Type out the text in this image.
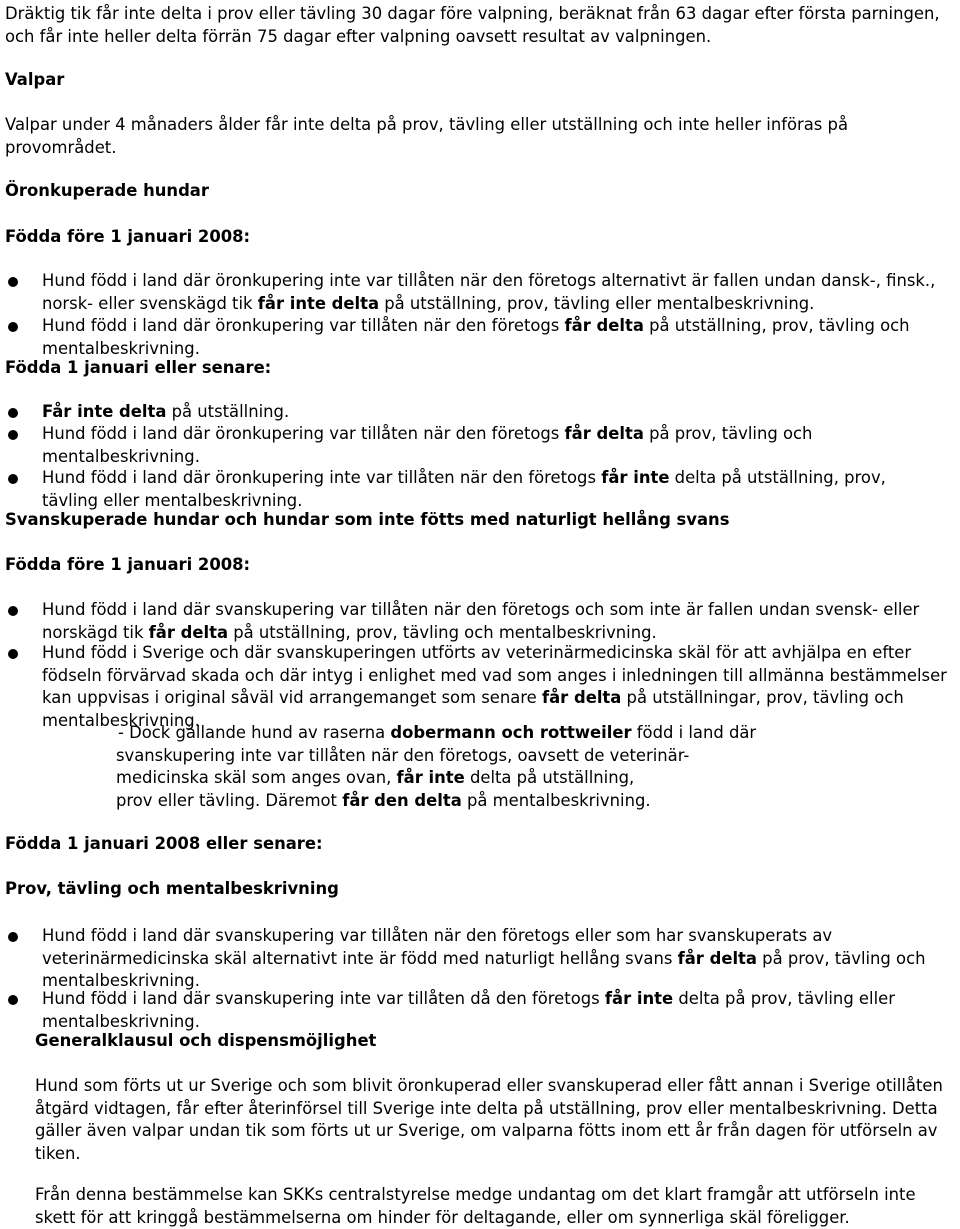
Dräktig tik får inte delta i prov eller tävling 30 dagar före valpning, beräknat från 63 dagar efter första parningen, och får inte heller delta förrän 75 dagar efter valpning oavsett resultat av valpningen.

Valpar

Valpar under 4 månaders ålder får inte delta på prov, tävling eller utställning och inte heller införas på provområdet.

Öronkuperade hundar

Födda före 1 januari 2008:

Hund född i land där öronkupering inte var tillåten när den företogs alternativt är fallen undan dansk-, finsk., norsk- eller svenskägd tik får inte delta på utställning, prov, tävling eller mentalbeskrivning.

Hund född i land där öronkupering var tillåten när den företogs får delta på utställning, prov, tävling och mentalbeskrivning.

Födda 1 januari eller senare:

Får inte delta på utställning.

Hund född i land där öronkupering var tillåten när den företogs får delta på prov, tävling och mentalbeskrivning.

Hund född i land där öronkupering inte var tillåten när den företogs får inte delta på utställning, prov, tävling eller mentalbeskrivning.

Svanskuperade hundar och hundar som inte fötts med naturligt hellång svans

Födda före 1 januari 2008:

Hund född i land där svanskupering var tillåten när den företogs och som inte är fallen undan svensk- eller norskägd tik får delta på utställning, prov, tävling och mentalbeskrivning.

Hund född i Sverige och där svanskuperingen utförts av veterinärmedicinska skäl för att avhjälpa en efter födseln förvärvad skada och där intyg i enlighet med vad som anges i inledningen till allmänna bestämmelser kan uppvisas i original såväl vid arrangemanget som senare får delta på utställningar, prov, tävling och mentalbeskrivning.

- Dock gällande hund av raserna dobermann och rottweiler född i land där
svanskupering inte var tillåten när den företogs, oavsett de veterinär-
medicinska skäl som anges ovan, får inte delta på utställning,
prov eller tävling. Däremot får den delta på mentalbeskrivning.

Födda 1 januari 2008 eller senare:

Prov, tävling och mentalbeskrivning

Hund född i land där svanskupering var tillåten när den företogs eller som har svanskuperats av veterinärmedicinska skäl alternativt inte är född med naturligt hellång svans får delta på prov, tävling och mentalbeskrivning.

Hund född i land där svanskupering inte var tillåten då den företogs får inte delta på prov, tävling eller mentalbeskrivning.

Generalklausul och dispensmöjlighet

Hund som förts ut ur Sverige och som blivit öronkuperad eller svanskuperad eller fått annan i Sverige otillåten åtgärd vidtagen, får efter återinförsel till Sverige inte delta på utställning, prov eller mentalbeskrivning. Detta gäller även valpar undan tik som förts ut ur Sverige, om valparna fötts inom ett år från dagen för utförseln av tiken.

Från denna bestämmelse kan SKKs centralstyrelse medge undantag om det klart framgår att utförseln inte skett för att kringgå bestämmelserna om hinder för deltagande, eller om synnerliga skäl föreligger.
